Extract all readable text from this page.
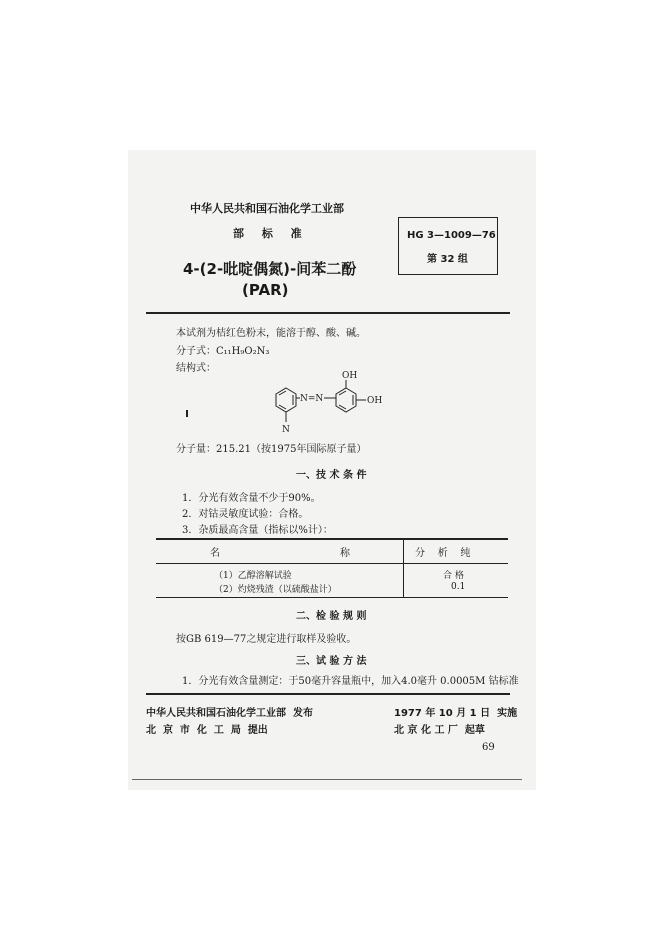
中华人民共和国石油化学工业部
部 标 准
4-(2-吡啶偶氮)-间苯二酚
(PAR)
HG 3—1009—76
第 32 组
本试剂为桔红色粉末，能溶于醇、酸、碱。
分子式：C₁₁H₉O₂N₃
结构式：
N=N
OH
OH
N
分子量：215.21（按1975年国际原子量）
一、技 术 条 件
1．分光有效含量不少于90%。
2．对钴灵敏度试验：合格。
3．杂质最高含量（指标以%计）：
名	称	分    析    纯
（1）乙醇溶解试验	合 格
（2）灼烧残渣（以硫酸盐计）	0.1
二、检 验 规 则
按GB 619—77之规定进行取样及验收。
三、试 验 方 法
1．分光有效含量测定：于50毫升容量瓶中，加入4.0毫升 0.0005M 钴标准
中华人民共和国石油化学工业部  发布	1977 年 10 月 1 日  实施
北  京  市  化  工  局  提出	北 京 化 工 厂  起草
69
